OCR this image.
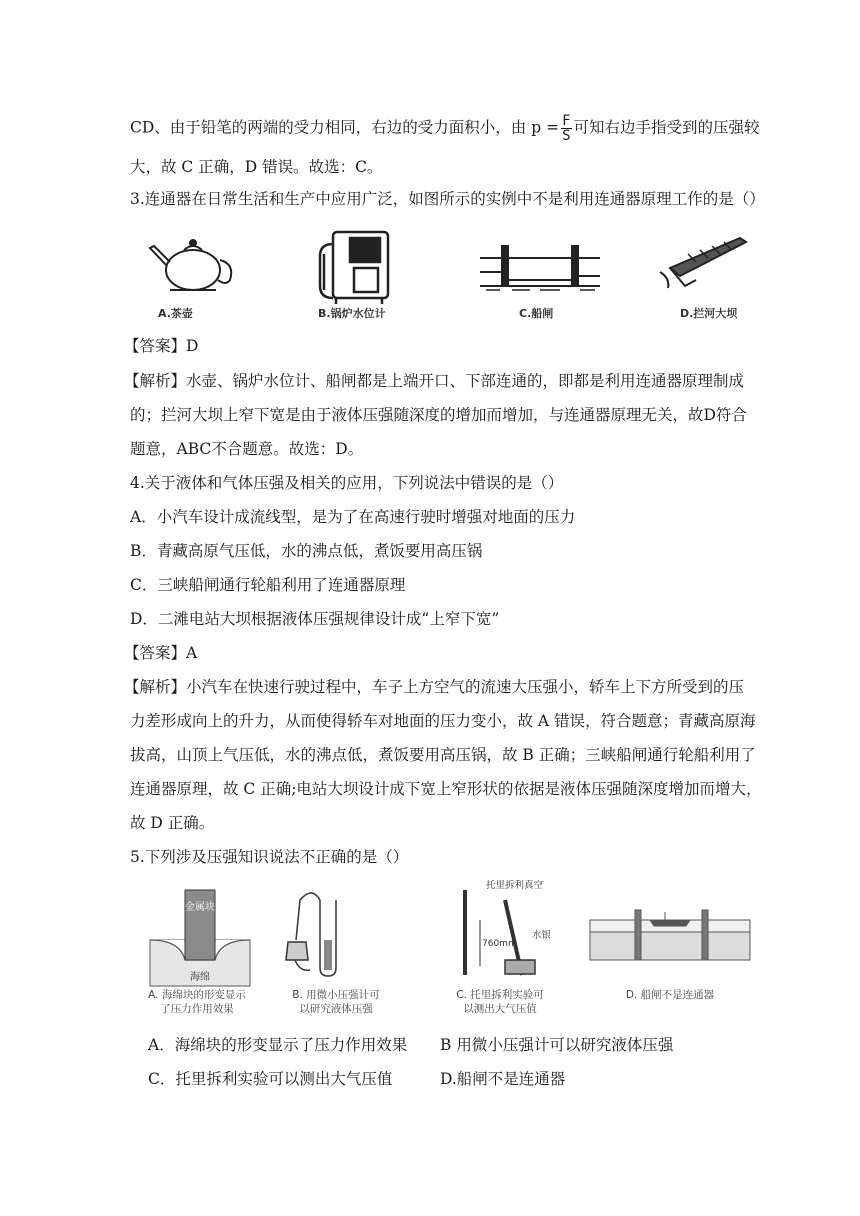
CD、由于铅笔的两端的受力相同，右边的受力面积小，由 $p = \frac{F}{S}$ 可知右边手指受到的压强较
大，故 C 正确，D 错误。故选：C。
3.连通器在日常生活和生产中应用广泛，如图所示的实例中不是利用连通器原理工作的是（）
A.茶壶	B.锅炉水位计	C.船闸	D.拦河大坝
【答案】D
【解析】水壶、锅炉水位计、船闸都是上端开口、下部连通的，即都是利用连通器原理制成
的；拦河大坝上窄下宽是由于液体压强随深度的增加而增加，与连通器原理无关，故D符合
题意，ABC不合题意。故选：D。
4.关于液体和气体压强及相关的应用，下列说法中错误的是（）
A．小汽车设计成流线型，是为了在高速行驶时增强对地面的压力
B．青藏高原气压低，水的沸点低，煮饭要用高压锅
C．三峡船闸通行轮船利用了连通器原理
D．二滩电站大坝根据液体压强规律设计成“上窄下宽”
【答案】A
【解析】小汽车在快速行驶过程中，车子上方空气的流速大压强小，轿车上下方所受到的压
力差形成向上的升力，从而使得轿车对地面的压力变小，故 A 错误，符合题意；青藏高原海
拔高，山顶上气压低，水的沸点低，煮饭要用高压锅，故 B 正确；三峡船闸通行轮船利用了
连通器原理，故 C 正确;电站大坝设计成下宽上窄形状的依据是液体压强随深度增加而增大，
故 D 正确。
5.下列涉及压强知识说法不正确的是（）
金属块
海绵
托里拆利真空
760mm
水银
A. 海绵块的形变显示
了压力作用效果
B. 用微小压强计可
以研究液体压强
C. 托里拆利实验可
以测出大气压值
D. 船闸不是连通器
A．海绵块的形变显示了压力作用效果 B 用微小压强计可以研究液体压强
C．托里拆利实验可以测出大气压值	D.船闸不是连通器
